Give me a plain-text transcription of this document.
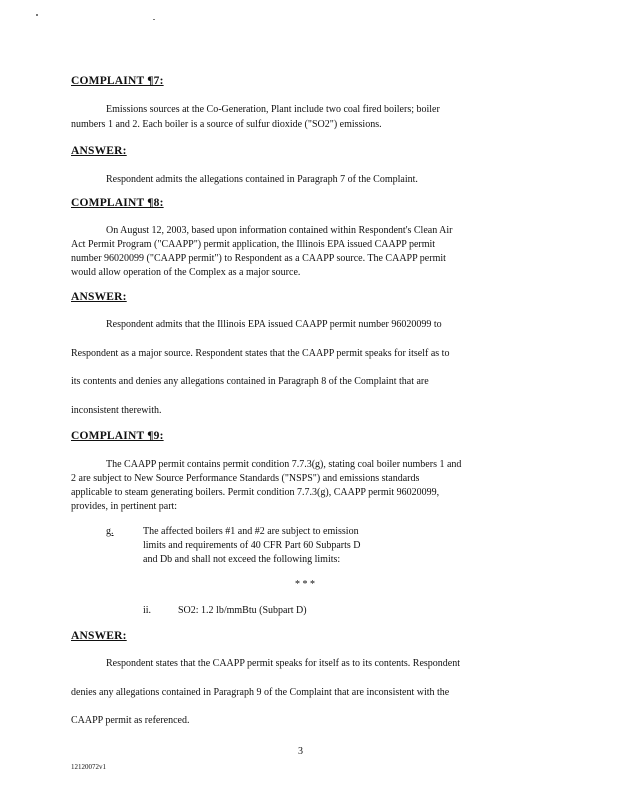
COMPLAINT ¶7:
Emissions sources at the Co-Generation, Plant include two coal fired boilers; boiler
numbers 1 and 2. Each boiler is a source of sulfur dioxide ("SO2") emissions.
ANSWER:
Respondent admits the allegations contained in Paragraph 7 of the Complaint.
COMPLAINT ¶8:
On August 12, 2003, based upon information contained within Respondent's Clean Air
Act Permit Program ("CAAPP") permit application, the Illinois EPA issued CAAPP permit
number 96020099 ("CAAPP permit") to Respondent as a CAAPP source. The CAAPP permit
would allow operation of the Complex as a major source.
ANSWER:
Respondent admits that the Illinois EPA issued CAAPP permit number 96020099 to
Respondent as a major source. Respondent states that the CAAPP permit speaks for itself as to
its contents and denies any allegations contained in Paragraph 8 of the Complaint that are
inconsistent therewith.
COMPLAINT ¶9:
The CAAPP permit contains permit condition 7.7.3(g), stating coal boiler numbers 1 and
2 are subject to New Source Performance Standards ("NSPS") and emissions standards
applicable to steam generating boilers. Permit condition 7.7.3(g), CAAPP permit 96020099,
provides, in pertinent part:
g.	The affected boilers #1 and #2 are subject to emission
limits and requirements of 40 CFR Part 60 Subparts D
and Db and shall not exceed the following limits:
* * *
ii.	SO2: 1.2 lb/mmBtu (Subpart D)
ANSWER:
Respondent states that the CAAPP permit speaks for itself as to its contents. Respondent
denies any allegations contained in Paragraph 9 of the Complaint that are inconsistent with the
CAAPP permit as referenced.
3
12120072v1
